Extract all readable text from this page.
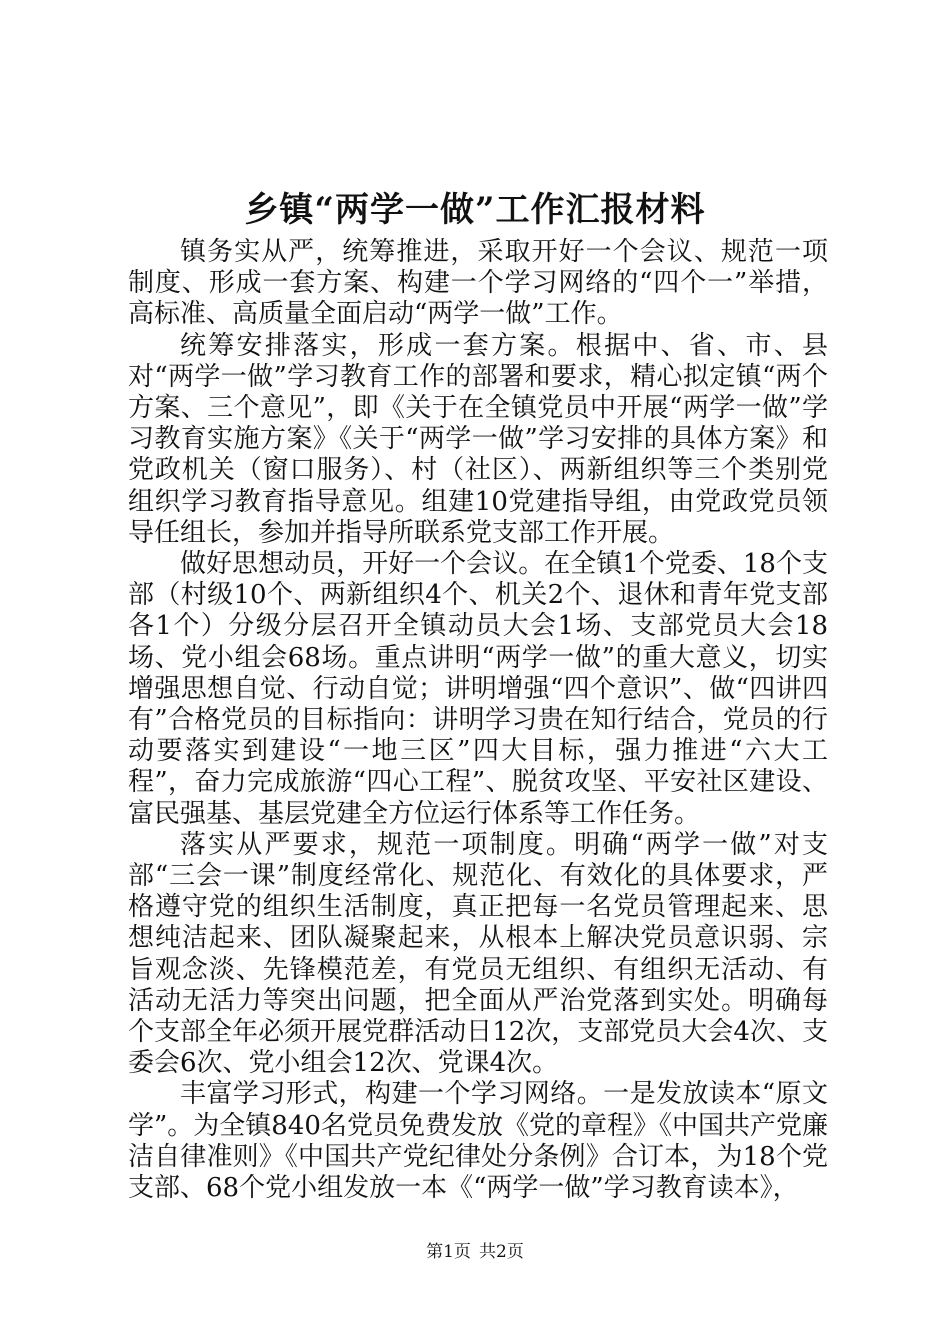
乡镇“两学一做”工作汇报材料

镇务实从严，统筹推进，采取开好一个会议、规范一项制度、形成一套方案、构建一个学习网络的“四个一”举措，高标准、高质量全面启动“两学一做”工作。

统筹安排落实，形成一套方案。根据中、省、市、县对“两学一做”学习教育工作的部署和要求，精心拟定镇“两个方案、三个意见”，即《关于在全镇党员中开展“两学一做”学习教育实施方案》《关于“两学一做”学习安排的具体方案》和党政机关（窗口服务）、村（社区）、两新组织等三个类别党组织学习教育指导意见。组建10党建指导组，由党政党员领导任组长，参加并指导所联系党支部工作开展。

做好思想动员，开好一个会议。在全镇1个党委、18个支部（村级10个、两新组织4个、机关2个、退休和青年党支部各1个）分级分层召开全镇动员大会1场、支部党员大会18场、党小组会68场。重点讲明“两学一做”的重大意义，切实增强思想自觉、行动自觉；讲明增强“四个意识”、做“四讲四有”合格党员的目标指向：讲明学习贵在知行结合，党员的行动要落实到建设“一地三区”四大目标，强力推进“六大工程”，奋力完成旅游“四心工程”、脱贫攻坚、平安社区建设、富民强基、基层党建全方位运行体系等工作任务。

落实从严要求，规范一项制度。明确“两学一做”对支部“三会一课”制度经常化、规范化、有效化的具体要求，严格遵守党的组织生活制度，真正把每一名党员管理起来、思想纯洁起来、团队凝聚起来，从根本上解决党员意识弱、宗旨观念淡、先锋模范差，有党员无组织、有组织无活动、有活动无活力等突出问题，把全面从严治党落到实处。明确每个支部全年必须开展党群活动日12次，支部党员大会4次、支委会6次、党小组会12次、党课4次。

丰富学习形式，构建一个学习网络。一是发放读本“原文学”。为全镇840名党员免费发放《党的章程》《中国共产党廉洁自律准则》《中国共产党纪律处分条例》合订本，为18个党支部、68个党小组发放一本《“两学一做”学习教育读本》，

第1页 共2页
